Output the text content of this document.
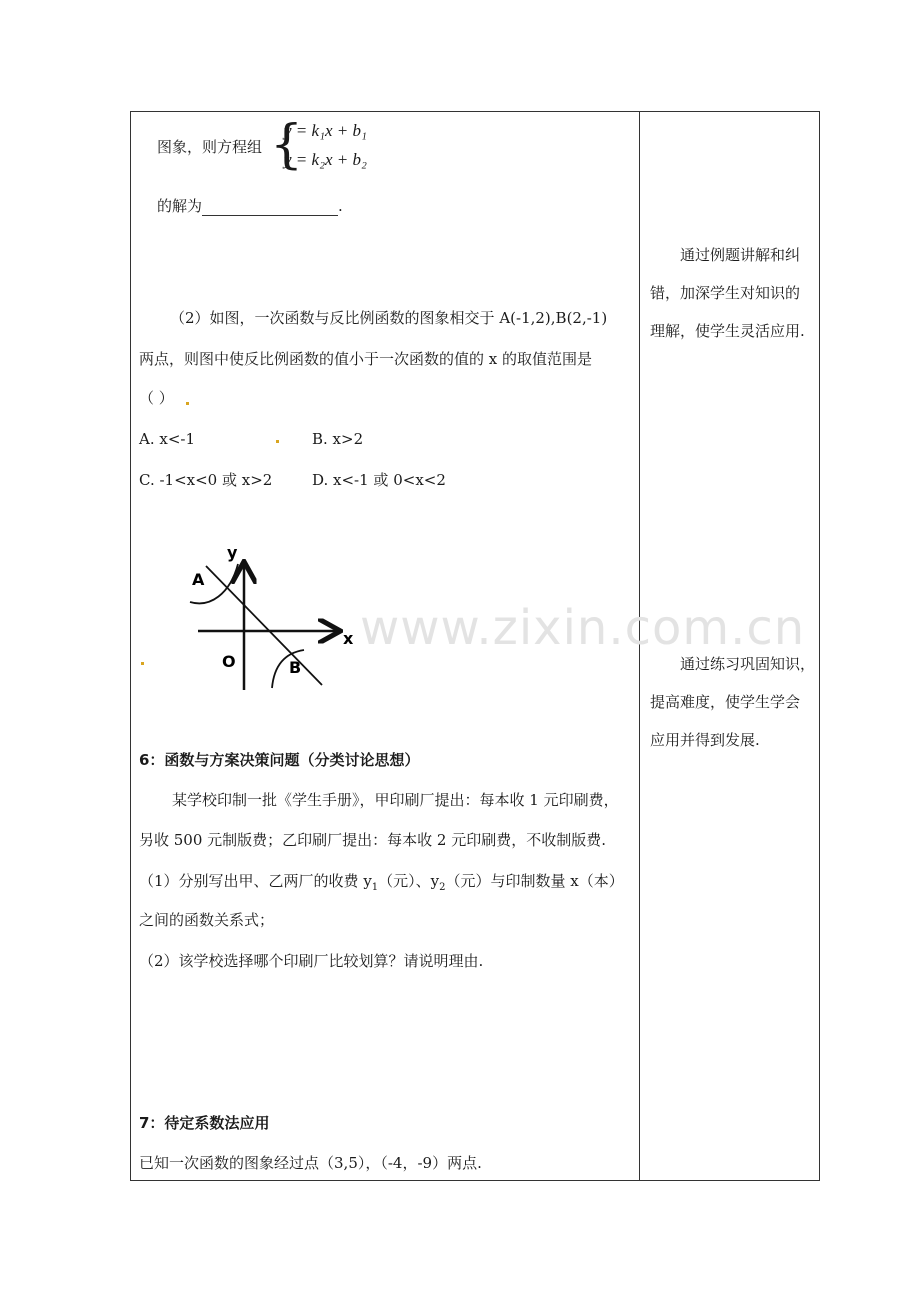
图象，则方程组 {
y = k₁x + b₁
y = k₂x + b₂
的解为	.
（2）如图，一次函数与反比例函数的图象相交于 A(-1,2),B(2,-1)
两点，则图中使反比例函数的值小于一次函数的值的 x 的取值范围是
（ ）
A. x<-1	B. x>2
C. -1<x<0 或 x>2	D. x<-1 或 0<x<2
y
x
A
B
O
www.zixin.com.cn
6：函数与方案决策问题（分类讨论思想）
某学校印制一批《学生手册》，甲印刷厂提出：每本收 1 元印刷费，
另收 500 元制版费；乙印刷厂提出：每本收 2 元印刷费，不收制版费.
（1）分别写出甲、乙两厂的收费 $y_1$（元）、$y_2$（元）与印制数量 x（本）
之间的函数关系式；
（2）该学校选择哪个印刷厂比较划算？请说明理由.
7：待定系数法应用
已知一次函数的图象经过点（3,5），（-4，-9）两点.

通过例题讲解和纠

错，加深学生对知识的

理解，使学生灵活应用.

通过练习巩固知识，

提高难度，使学生学会

应用并得到发展.
